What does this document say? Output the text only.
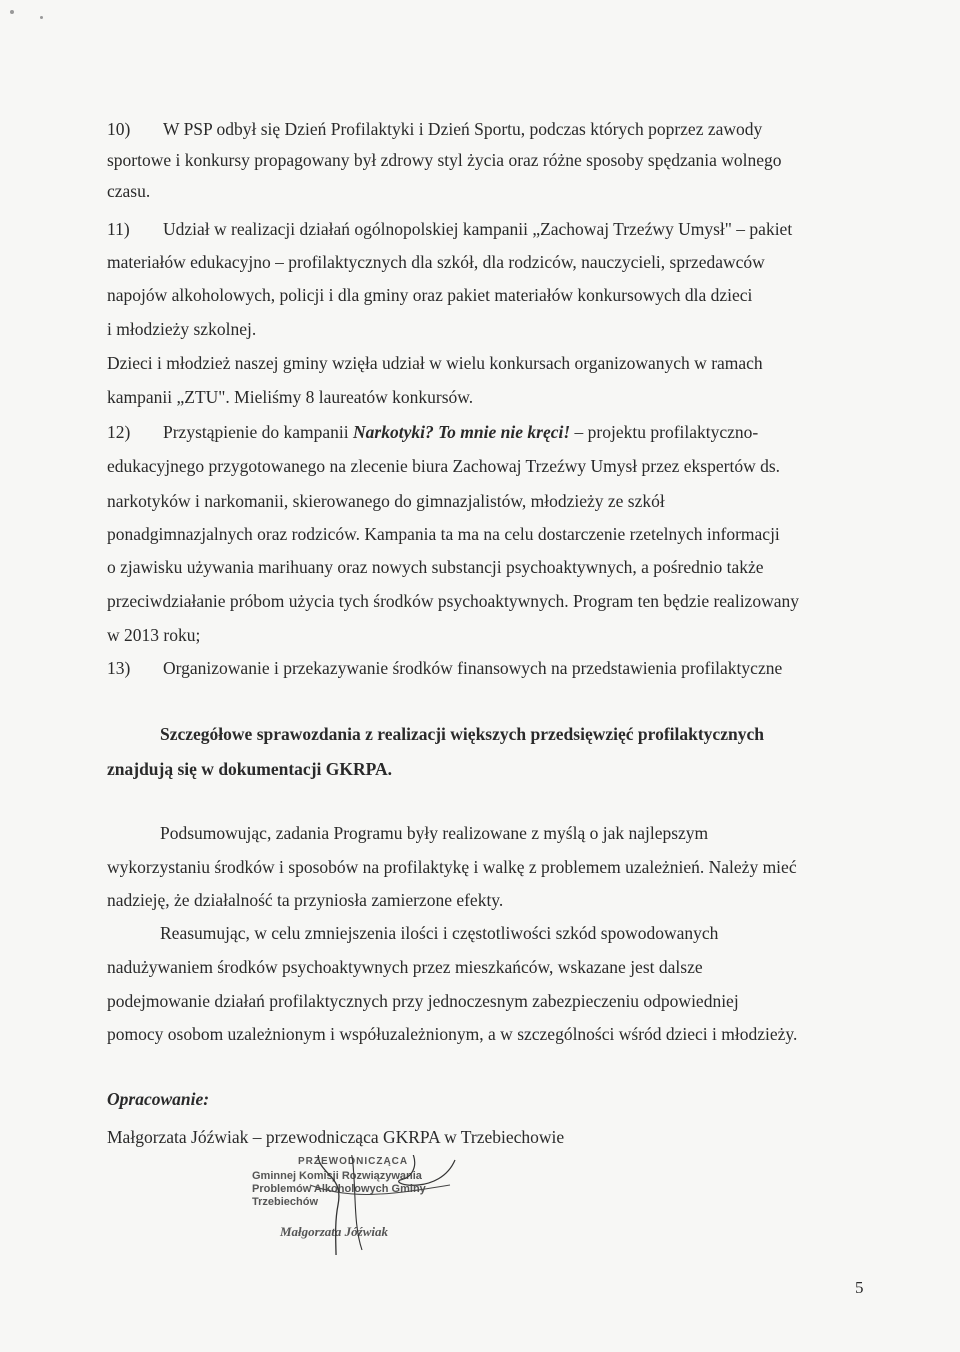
10) W PSP odbył się Dzień Profilaktyki i Dzień Sportu, podczas których poprzez zawody
sportowe i konkursy propagowany był zdrowy styl życia oraz różne sposoby spędzania wolnego
czasu.
11) Udział w realizacji działań ogólnopolskiej kampanii „Zachowaj Trzeźwy Umysł" – pakiet
materiałów edukacyjno – profilaktycznych dla szkół, dla rodziców, nauczycieli, sprzedawców
napojów alkoholowych, policji i dla gminy oraz pakiet materiałów konkursowych dla dzieci
i młodzieży szkolnej.
Dzieci i młodzież naszej gminy wzięła udział w wielu konkursach organizowanych w ramach
kampanii „ZTU". Mieliśmy 8 laureatów konkursów.
12) Przystąpienie do kampanii Narkotyki? To mnie nie kręci! – projektu profilaktyczno-
edukacyjnego przygotowanego na zlecenie biura Zachowaj Trzeźwy Umysł przez ekspertów ds.
narkotyków i narkomanii, skierowanego do gimnazjalistów, młodzieży ze szkół
ponadgimnazjalnych oraz rodziców. Kampania ta ma na celu dostarczenie rzetelnych informacji
o zjawisku używania marihuany oraz nowych substancji psychoaktywnych, a pośrednio także
przeciwdziałanie próbom użycia tych środków psychoaktywnych. Program ten będzie realizowany
w 2013 roku;
13) Organizowanie i przekazywanie środków finansowych na przedstawienia profilaktyczne
Szczegółowe sprawozdania z realizacji większych przedsięwzięć profilaktycznych
znajdują się w dokumentacji GKRPA.
Podsumowując, zadania Programu były realizowane z myślą o jak najlepszym
wykorzystaniu środków i sposobów na profilaktykę i walkę z problemem uzależnień. Należy mieć
nadzieję, że działalność ta przyniosła zamierzone efekty.
Reasumując, w celu zmniejszenia ilości i częstotliwości szkód spowodowanych
nadużywaniem środków psychoaktywnych przez mieszkańców, wskazane jest dalsze
podejmowanie działań profilaktycznych przy jednoczesnym zabezpieczeniu odpowiedniej
pomocy osobom uzależnionym i współuzależnionym, a w szczególności wśród dzieci i młodzieży.
Opracowanie:
Małgorzata Jóźwiak – przewodnicząca GKRPA w Trzebiechowie
PRZEWODNICZĄCA
Gminnej Komisji Rozwiązywania Problemów Alkoholowych Gminy Trzebiechów
Małgorzata Jóźwiak
5
